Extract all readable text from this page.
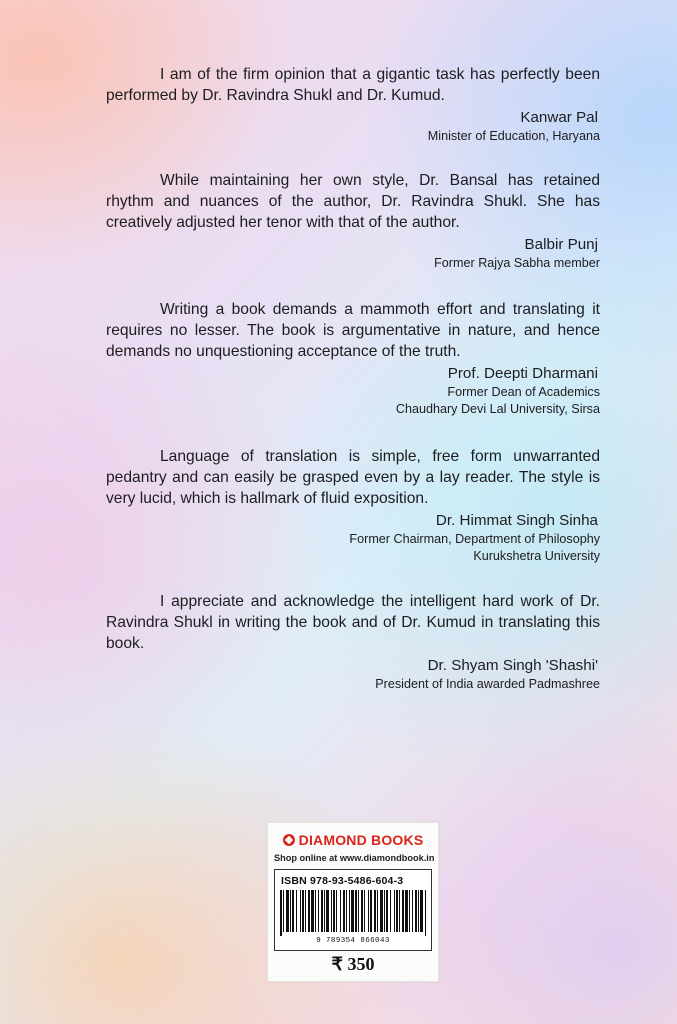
I am of the firm opinion that a gigantic task has perfectly been performed by Dr. Ravindra Shukl and Dr. Kumud.

Kanwar Pal
Minister of Education, Haryana

While maintaining her own style, Dr. Bansal has retained rhythm and nuances of the author, Dr. Ravindra Shukl. She has creatively adjusted her tenor with that of the author.

Balbir Punj
Former Rajya Sabha member

Writing a book demands a mammoth effort and translating it requires no lesser. The book is argumentative in nature, and hence demands no unquestioning acceptance of the truth.

Prof. Deepti Dharmani
Former Dean of Academics
Chaudhary Devi Lal University, Sirsa

Language of translation is simple, free form unwarranted pedantry and can easily be grasped even by a lay reader. The style is very lucid, which is hallmark of fluid exposition.

Dr. Himmat Singh Sinha
Former Chairman, Department of Philosophy
Kurukshetra University

I appreciate and acknowledge the intelligent hard work of Dr. Ravindra Shukl in writing the book and of Dr. Kumud in translating this book.

Dr. Shyam Singh 'Shashi'
President of India awarded Padmashree
DIAMOND BOOKS
Shop online at www.diamondbook.in
ISBN 978-93-5486-604-3
9 789354 866043
₹ 350
